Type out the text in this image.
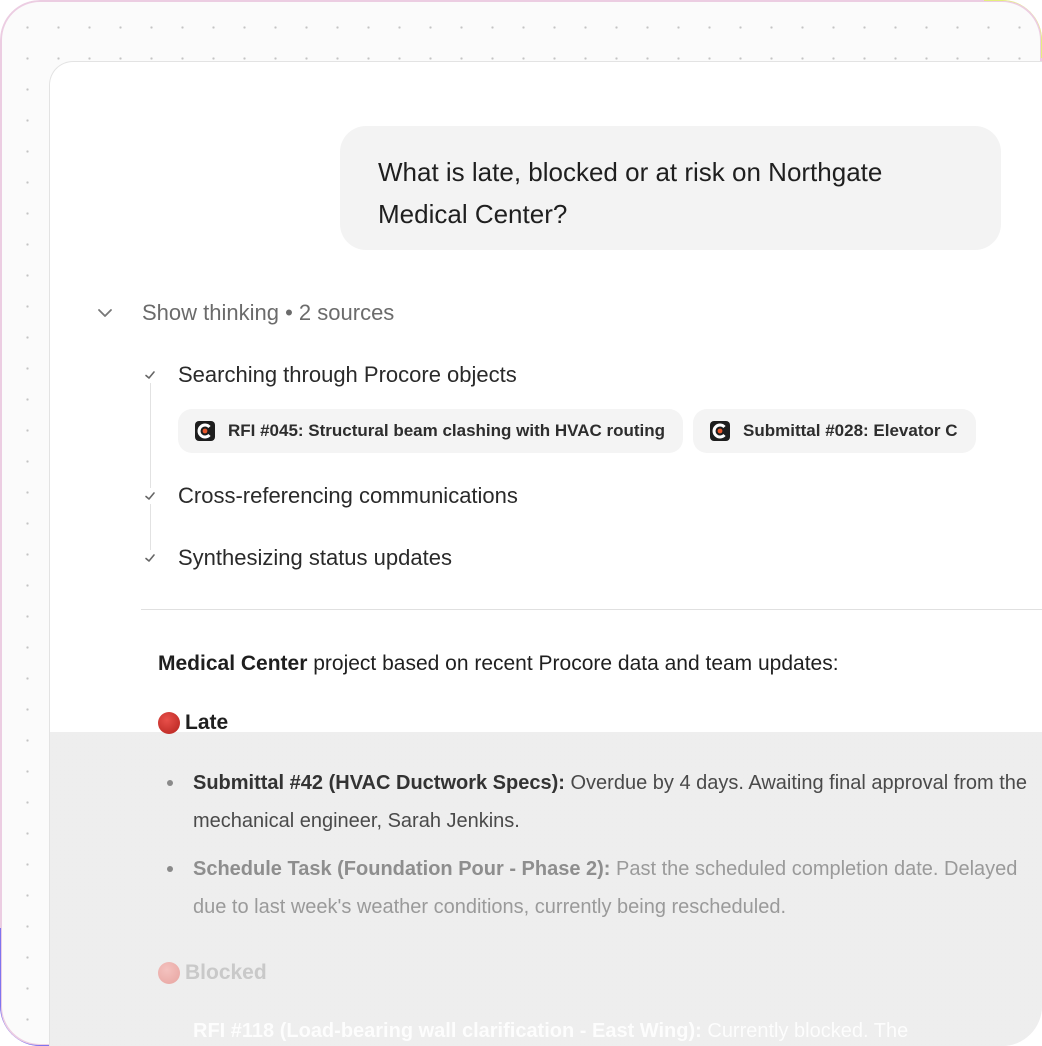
What is late, blocked or at risk on Northgate Medical Center?
Show thinking • 2 sources
Searching through Procore objects
RFI #045: Structural beam clashing with HVAC routing	Submittal #028: Elevator C
Cross-referencing communications
Synthesizing status updates
Medical Center project based on recent Procore data and team updates:
Late
Submittal #42 (HVAC Ductwork Specs): Overdue by 4 days. Awaiting final approval from the mechanical engineer, Sarah Jenkins.
Schedule Task (Foundation Pour - Phase 2): Past the scheduled completion date. Delayed due to last week's weather conditions, currently being rescheduled.
Blocked
RFI #118 (Load-bearing wall clarification - East Wing): Currently blocked. The
